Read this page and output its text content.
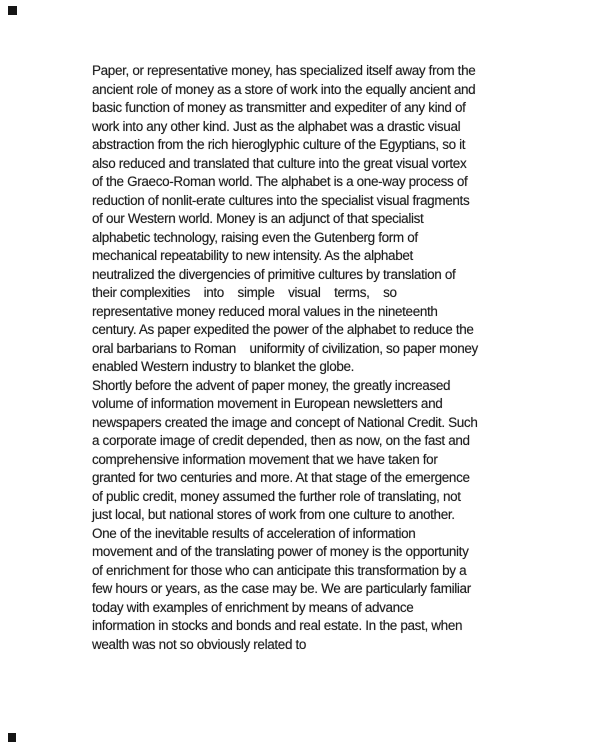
Paper, or representative money, has specialized itself away from the
ancient role of money as a store of work into the equally ancient and
basic function of money as transmitter and expediter of any kind of
work into any other kind. Just as the alphabet was a drastic visual
abstraction from the rich hieroglyphic culture of the Egyptians, so it
also reduced and translated that culture into the great visual vortex
of the Graeco-Roman world. The alphabet is a one-way process of
reduction of nonlit-erate cultures into the specialist visual fragments
of our Western world. Money is an adjunct of that specialist
alphabetic technology, raising even the Gutenberg form of
mechanical repeatability to new intensity. As the alphabet
neutralized the divergencies of primitive cultures by translation of
their complexities    into    simple    visual    terms,    so
representative money reduced moral values in the nineteenth
century. As paper expedited the power of the alphabet to reduce the
oral barbarians to Roman    uniformity of civilization, so paper money
enabled Western industry to blanket the globe.
Shortly before the advent of paper money, the greatly increased
volume of information movement in European newsletters and
newspapers created the image and concept of National Credit. Such
a corporate image of credit depended, then as now, on the fast and
comprehensive information movement that we have taken for
granted for two centuries and more. At that stage of the emergence
of public credit, money assumed the further role of translating, not
just local, but national stores of work from one culture to another.
One of the inevitable results of acceleration of information
movement and of the translating power of money is the opportunity
of enrichment for those who can anticipate this transformation by a
few hours or years, as the case may be. We are particularly familiar
today with examples of enrichment by means of advance
information in stocks and bonds and real estate. In the past, when
wealth was not so obviously related to
